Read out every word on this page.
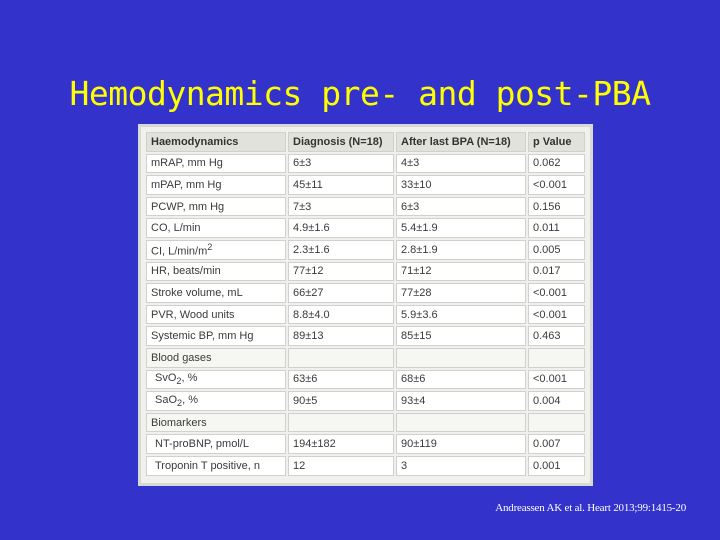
Hemodynamics pre- and post-PBA
Haemodynamics	Diagnosis (N=18)	After last BPA (N=18)	p Value
mRAP, mm Hg	6±3	4±3	0.062
mPAP, mm Hg	45±11	33±10	<0.001
PCWP, mm Hg	7±3	6±3	0.156
CO, L/min	4.9±1.6	5.4±1.9	0.011
CI, $L/\min/m^2$	2.3±1.6	2.8±1.9	0.005
HR, beats/min	77±12	71±12	0.017
Stroke volume, mL	66±27	77±28	<0.001
PVR, Wood units	8.8±4.0	5.9±3.6	<0.001
Systemic BP, mm Hg	89±13	85±15	0.463
Blood gases			
SvO$_2$, %	63±6	68±6	<0.001
SaO$_2$, %	90±5	93±4	0.004
Biomarkers			
NT-proBNP, pmol/L	194±182	90±119	0.007
Troponin T positive, n	12	3	0.001
Andreassen AK et al. Heart 2013;99:1415-20
